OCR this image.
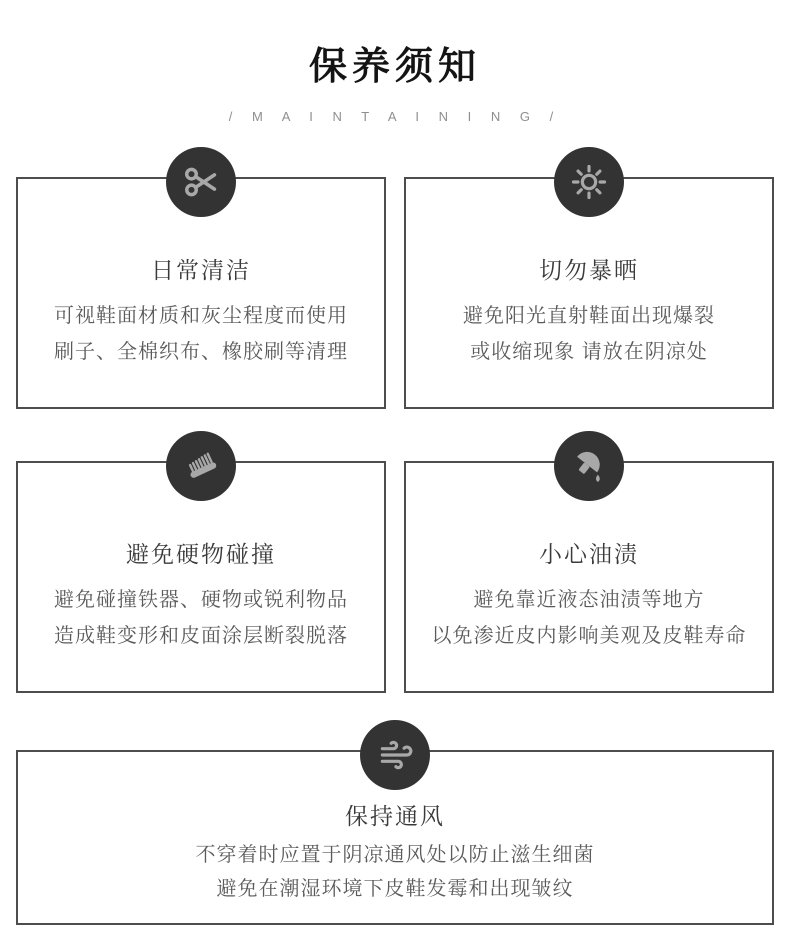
保养须知
/ M A I N T A I N I N G /
日常清洁

可视鞋面材质和灰尘程度而使用

刷子、全棉织布、橡胶刷等清理

切勿暴晒

避免阳光直射鞋面出现爆裂

或收缩现象 请放在阴凉处

避免硬物碰撞

避免碰撞铁器、硬物或锐利物品

造成鞋变形和皮面涂层断裂脱落

小心油渍

避免靠近液态油渍等地方

以免渗近皮内影响美观及皮鞋寿命

保持通风

不穿着时应置于阴凉通风处以防止滋生细菌

避免在潮湿环境下皮鞋发霉和出现皱纹
